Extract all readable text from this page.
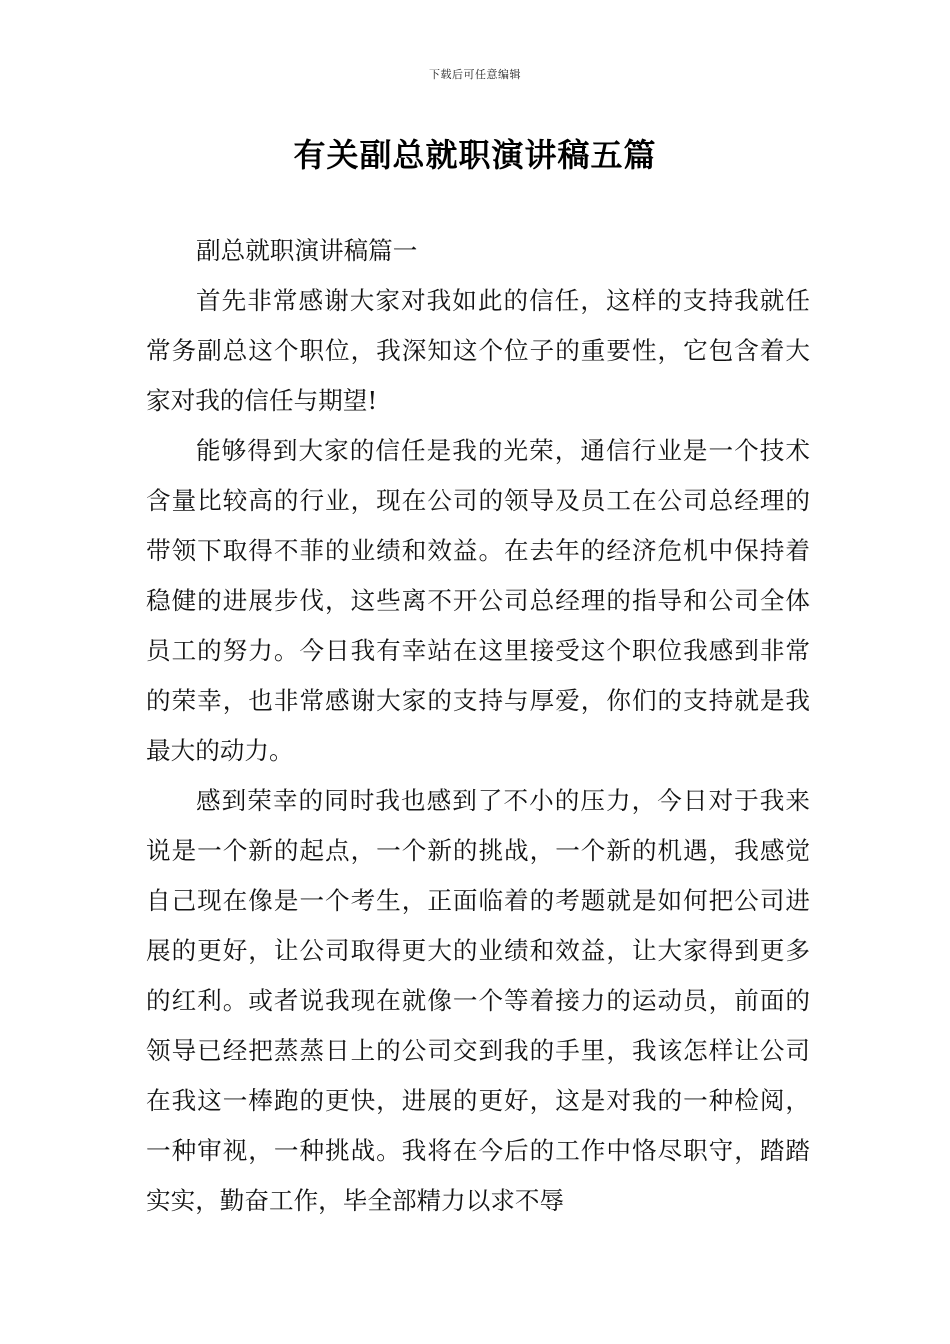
下载后可任意编辑
有关副总就职演讲稿五篇

副总就职演讲稿篇一

首先非常感谢大家对我如此的信任，这样的支持我就任常务副总这个职位，我深知这个位子的重要性，它包含着大家对我的信任与期望!

能够得到大家的信任是我的光荣，通信行业是一个技术含量比较高的行业，现在公司的领导及员工在公司总经理的带领下取得不菲的业绩和效益。在去年的经济危机中保持着稳健的进展步伐，这些离不开公司总经理的指导和公司全体员工的努力。今日我有幸站在这里接受这个职位我感到非常的荣幸，也非常感谢大家的支持与厚爱，你们的支持就是我最大的动力。

感到荣幸的同时我也感到了不小的压力，今日对于我来说是一个新的起点，一个新的挑战，一个新的机遇，我感觉自己现在像是一个考生，正面临着的考题就是如何把公司进展的更好，让公司取得更大的业绩和效益，让大家得到更多的红利。或者说我现在就像一个等着接力的运动员，前面的领导已经把蒸蒸日上的公司交到我的手里，我该怎样让公司在我这一棒跑的更快，进展的更好，这是对我的一种检阅，一种审视，一种挑战。我将在今后的工作中恪尽职守，踏踏实实，勤奋工作，毕全部精力以求不辱
